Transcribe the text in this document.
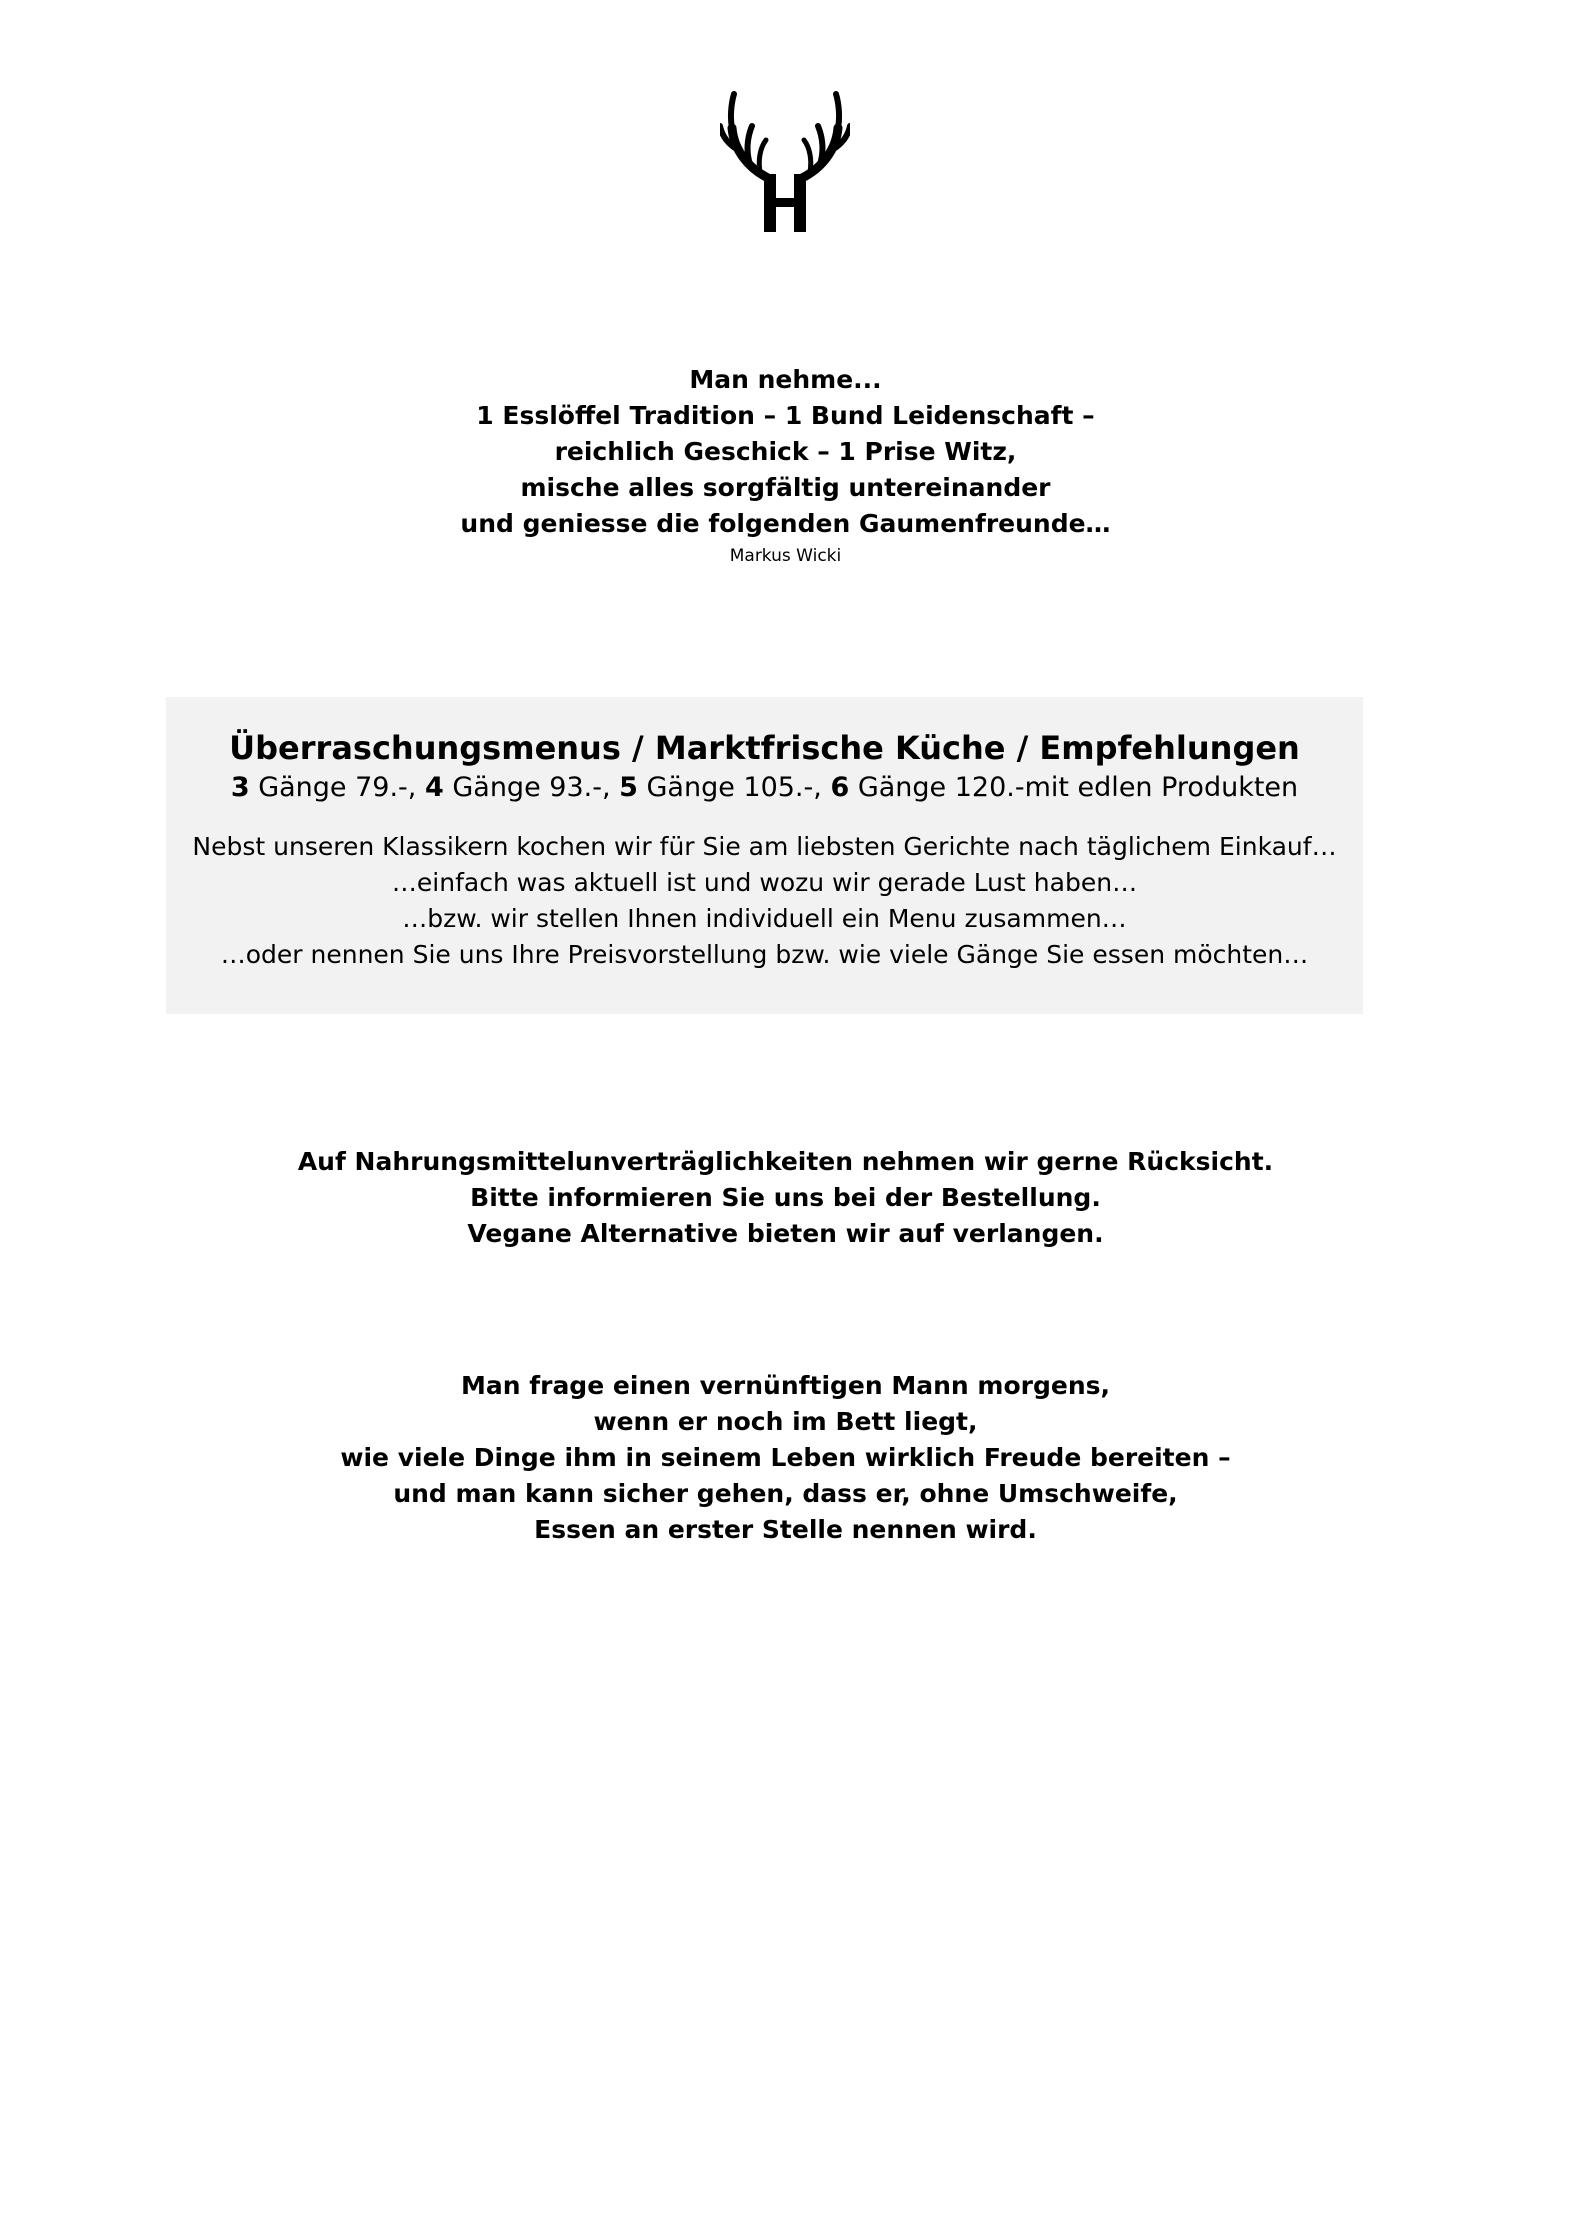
Man nehme...
1 Esslöffel Tradition – 1 Bund Leidenschaft –
reichlich Geschick – 1 Prise Witz,
mische alles sorgfältig untereinander
und geniesse die folgenden Gaumenfreunde…
Markus Wicki
Überraschungsmenus / Marktfrische Küche / Empfehlungen
3 Gänge 79.-, 4 Gänge 93.-, 5 Gänge 105.-, 6 Gänge 120.-mit edlen Produkten
Nebst unseren Klassikern kochen wir für Sie am liebsten Gerichte nach täglichem Einkauf…
…einfach was aktuell ist und wozu wir gerade Lust haben…
…bzw. wir stellen Ihnen individuell ein Menu zusammen…
…oder nennen Sie uns Ihre Preisvorstellung bzw. wie viele Gänge Sie essen möchten…
Auf Nahrungsmittelunverträglichkeiten nehmen wir gerne Rücksicht.
Bitte informieren Sie uns bei der Bestellung.
Vegane Alternative bieten wir auf verlangen.
Man frage einen vernünftigen Mann morgens,
wenn er noch im Bett liegt,
wie viele Dinge ihm in seinem Leben wirklich Freude bereiten –
und man kann sicher gehen, dass er, ohne Umschweife,
Essen an erster Stelle nennen wird.
